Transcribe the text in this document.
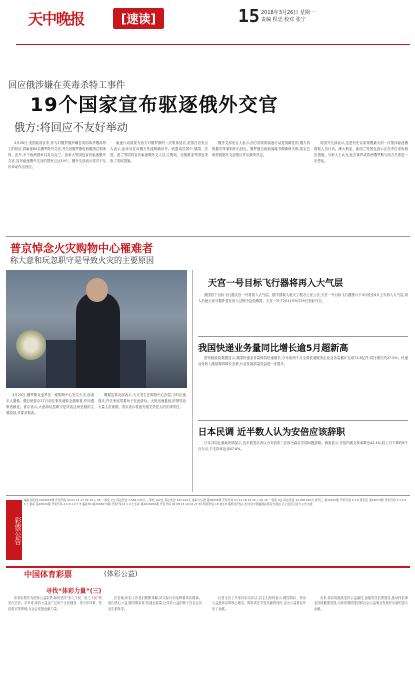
天中晚报	[速读]	15 2018年3月26日 星期一
责编 程忠 校对 张宁
回应俄涉嫌在英毒杀特工事件
19个国家宣布驱逐俄外交官
俄方:将回应不友好举动

3月26日,美国政府宣布,作为对俄罗斯涉嫌在英国毒杀俄前特工的回应,将驱逐60名俄罗斯外交官,并关闭俄罗斯驻西雅图总领事馆。此外,多个欧洲国家以及乌克兰、加拿大等国也宣布驱逐俄外交官,宣布驱逐俄外交官的国家已达19个。俄外交部表示将对不友好举动作出回应。

驱逐行动被视为西方对俄罗斯的一次集体回应,美国白宫发言人表示,此举旨在向俄方传递明确信号。欧盟成员国中,德国、法国、波兰等国均宣布驱逐俄外交人员,立陶宛、拉脱维亚等国也采取了类似措施。

俄外交部发言人表示,西方国家的驱逐行动是挑衅性的,俄方将根据对等原则作出回应。俄罗斯总统新闻秘书佩斯科夫称,普京总统将根据外交部建议作出最终决定。

英国外交部表示,这是有史以来规模最大的一次集体驱逐俄情报人员行动。澳大利亚、新西兰等国也表示正在考虑采取相应措施。分析人士认为,此次事件或将使俄罗斯与西方关系进一步恶化。

普京悼念火灾购物中心罹难者
称大意和玩忽职守是导致火灾的主要原因

3月25日,俄罗斯克麦罗沃一座购物中心发生火灾,造成多人遇难。俄总统普京27日前往事发地悼念遇难者,并向遇难者献花。普京表示,大意和玩忽职守是导致这场悲剧的主要原因,并要求彻查。

俄紧急情况部表示,火灾发生在购物中心顶层,当时正值周末,许多家庭带着孩子在此游玩。火势迅速蔓延,浓烟导致大量人员被困。普京表示将追究相关责任人的法律责任。

天宫一号目标飞行器将再入大气层

我国首个目标飞行器天宫一号将再入大气层。据中国载人航天工程办公室公告,天宫一号目标飞行器预计于3月底至4月上旬再入大气层,再入后绝大部分器件将在再入过程中烧蚀销毁。天宫一号于2011年9月29日发射升空。

我国快递业务量同比增长逾5月超新高

国家邮政局数据显示,我国快递业务量保持快速增长,今年前两个月全国快递服务企业业务量累计完成71.8亿件,同比增长约27.5%。快递业务收入继续保持增长态势,行业发展质量效益进一步提升。

日本民调 近半数人认为安倍应该辞职

日本共同社最新民调显示,近半数受访者认为安倍晋三应该为森友学园问题辞职。调查显示,安倍内阁支持率降至42.4%,较上月下降约6个百分点,不支持率达到47.6%。

彩票公告
福彩双色球 2018033期 开奖号码 04 07 11 17 22 29 + 06 一等奖 7注 每注奖金 7,566,143元 二等奖 142注 每注奖金 167,912元 体彩大乐透 第18034期 开奖号码 03 11 18 24 30 + 05 10 一等奖 4注 每注奖金 10,000,000元 排列三 第18073期 开奖号码 5 2 8 排列五 第18073期 开奖号码 5 2 8 4 1 七星彩 第18034期 开奖号码 2 6 9 1 0 7 3 福彩3D 第2018073期 开奖号码 6 1 4 七乐彩 第2018034期 开奖号码 02 08 13 19 22 27 30 特别号码 16 快乐8 等游戏开奖公告详见中国福利彩票官方网站 以上信息以官方公告为准
中国体育彩票	(体彩公益)
寻找“体彩力量”(三)

体育彩票作为国家公益彩票,始终坚持“来之于民、用之于民”的发行宗旨。多年来,体彩公益金广泛用于全民健身、青少年体育、扶贫救灾等领域,为社会发展贡献力量。

在各地,体彩工作者们默默奉献,用实际行动诠释着体彩精神。他们热心公益,服务购彩者,传递正能量,让体彩公益的种子在社会各处生根发芽。

记者走访了多家体彩实体店,店主们纷纷表示,理性购彩、快乐公益是体彩的核心理念。购彩者在享受乐趣的同时,也为公益事业作出了贡献。

未来,体彩将继续坚持公益属性,加强责任彩票建设,推动体彩事业持续健康发展,为体育强国建设和社会公益事业发展作出新的更大贡献。
